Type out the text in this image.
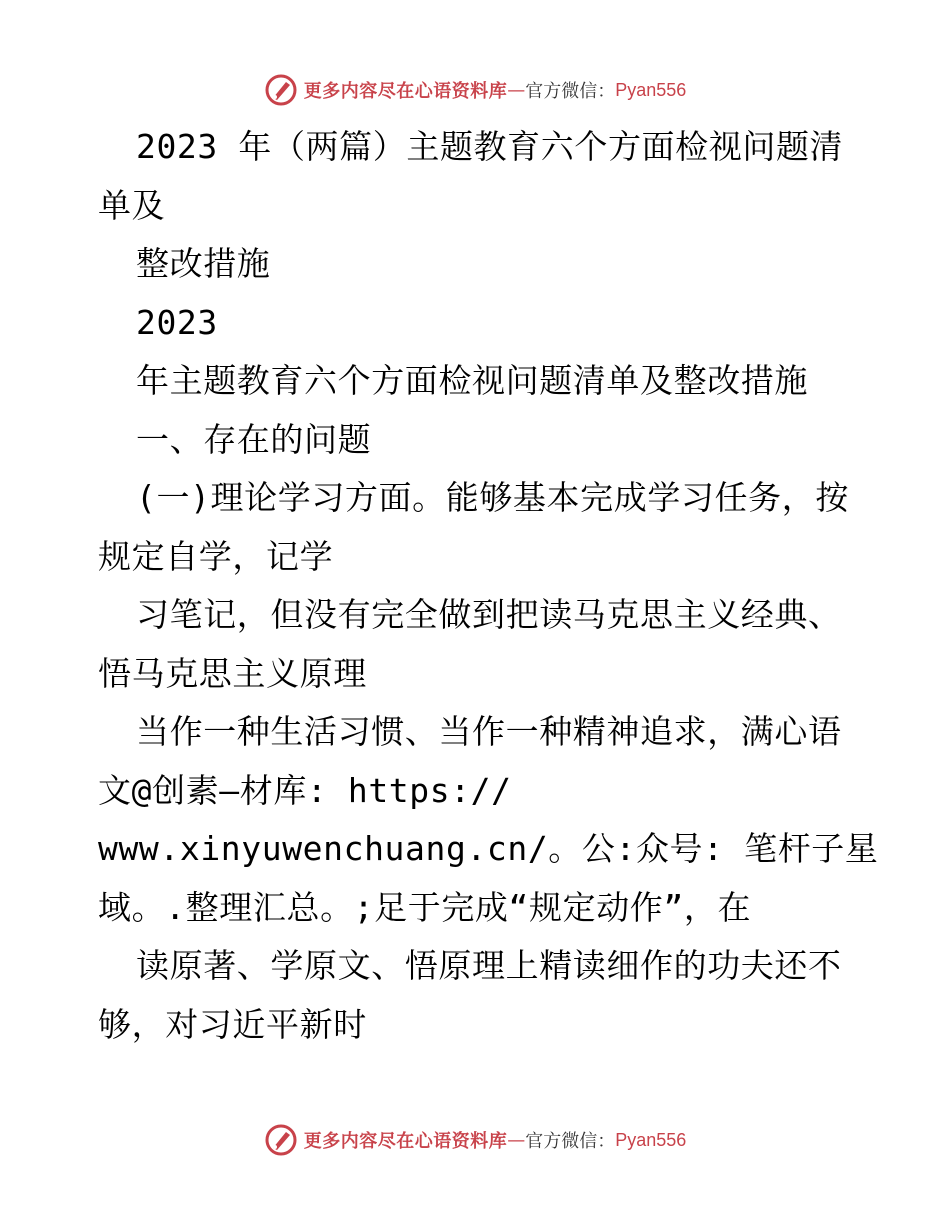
更多内容尽在心语资料库 — 官方微信： Pyan556
2023 年（两篇）主题教育六个方面检视问题清
单及
整改措施
2023
年主题教育六个方面检视问题清单及整改措施
一、存在的问题
(一)理论学习方面。能够基本完成学习任务，按
规定自学，记学
习笔记，但没有完全做到把读马克思主义经典、
悟马克思主义原理
当作一种生活习惯、当作一种精神追求，满心语
文@创素—材库: https://
www.xinyuwenchuang.cn/。公:众号: 笔杆子星
域。.整理汇总。;足于完成“规定动作”，在
读原著、学原文、悟原理上精读细作的功夫还不
够，对习近平新时
更多内容尽在心语资料库 — 官方微信： Pyan556
